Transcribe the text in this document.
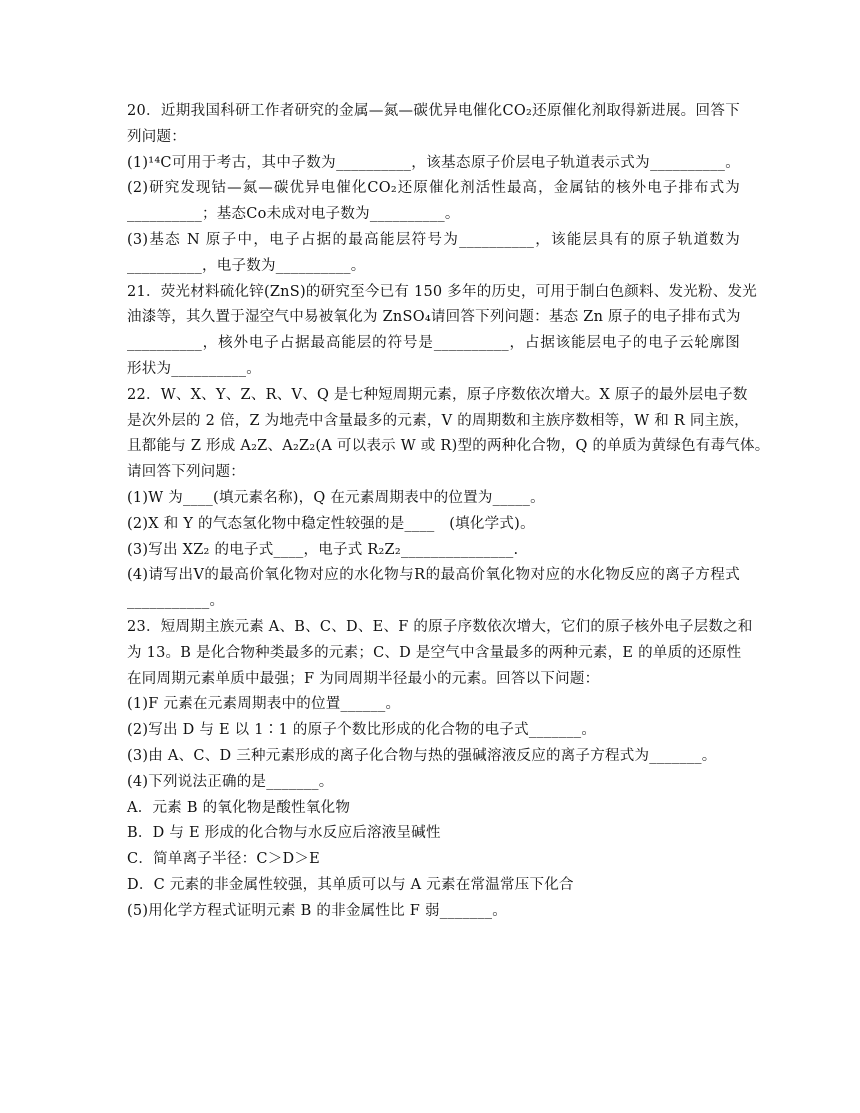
20．近期我国科研工作者研究的金属—氮—碳优异电催化CO₂还原催化剂取得新进展。回答下
列问题：
(1)¹⁴C可用于考古，其中子数为__________，该基态原子价层电子轨道表示式为__________。
(2)研究发现钴—氮—碳优异电催化CO₂还原催化剂活性最高，金属钴的核外电子排布式为
__________；基态Co未成对电子数为__________。
(3)基态 N 原子中，电子占据的最高能层符号为__________，该能层具有的原子轨道数为
__________，电子数为__________。
21．荧光材料硫化锌(ZnS)的研究至今已有 150 多年的历史，可用于制白色颜料、发光粉、发光
油漆等，其久置于湿空气中易被氧化为 ZnSO₄请回答下列问题：基态 Zn 原子的电子排布式为
__________，核外电子占据最高能层的符号是__________，占据该能层电子的电子云轮廓图
形状为__________。
22．W、X、Y、Z、R、V、Q 是七种短周期元素，原子序数依次增大。X 原子的最外层电子数
是次外层的 2 倍，Z 为地壳中含量最多的元素，V 的周期数和主族序数相等，W 和 R 同主族，
且都能与 Z 形成 A₂Z、A₂Z₂(A 可以表示 W 或 R)型的两种化合物，Q 的单质为黄绿色有毒气体。
请回答下列问题：
(1)W 为____(填元素名称)，Q 在元素周期表中的位置为_____。
(2)X 和 Y 的气态氢化物中稳定性较强的是____　(填化学式)。
(3)写出 XZ₂ 的电子式____，电子式 R₂Z₂_______________.
(4)请写出V的最高价氧化物对应的水化物与R的最高价氧化物对应的水化物反应的离子方程式
___________。
23．短周期主族元素 A、B、C、D、E、F 的原子序数依次增大，它们的原子核外电子层数之和
为 13。B 是化合物种类最多的元素；C、D 是空气中含量最多的两种元素，E 的单质的还原性
在同周期元素单质中最强；F 为同周期半径最小的元素。回答以下问题：
(1)F 元素在元素周期表中的位置______。
(2)写出 D 与 E 以 1∶1 的原子个数比形成的化合物的电子式_______。
(3)由 A、C、D 三种元素形成的离子化合物与热的强碱溶液反应的离子方程式为_______。
(4)下列说法正确的是_______。
A．元素 B 的氧化物是酸性氧化物
B．D 与 E 形成的化合物与水反应后溶液呈碱性
C．简单离子半径：C＞D＞E
D．C 元素的非金属性较强，其单质可以与 A 元素在常温常压下化合
(5)用化学方程式证明元素 B 的非金属性比 F 弱_______。
